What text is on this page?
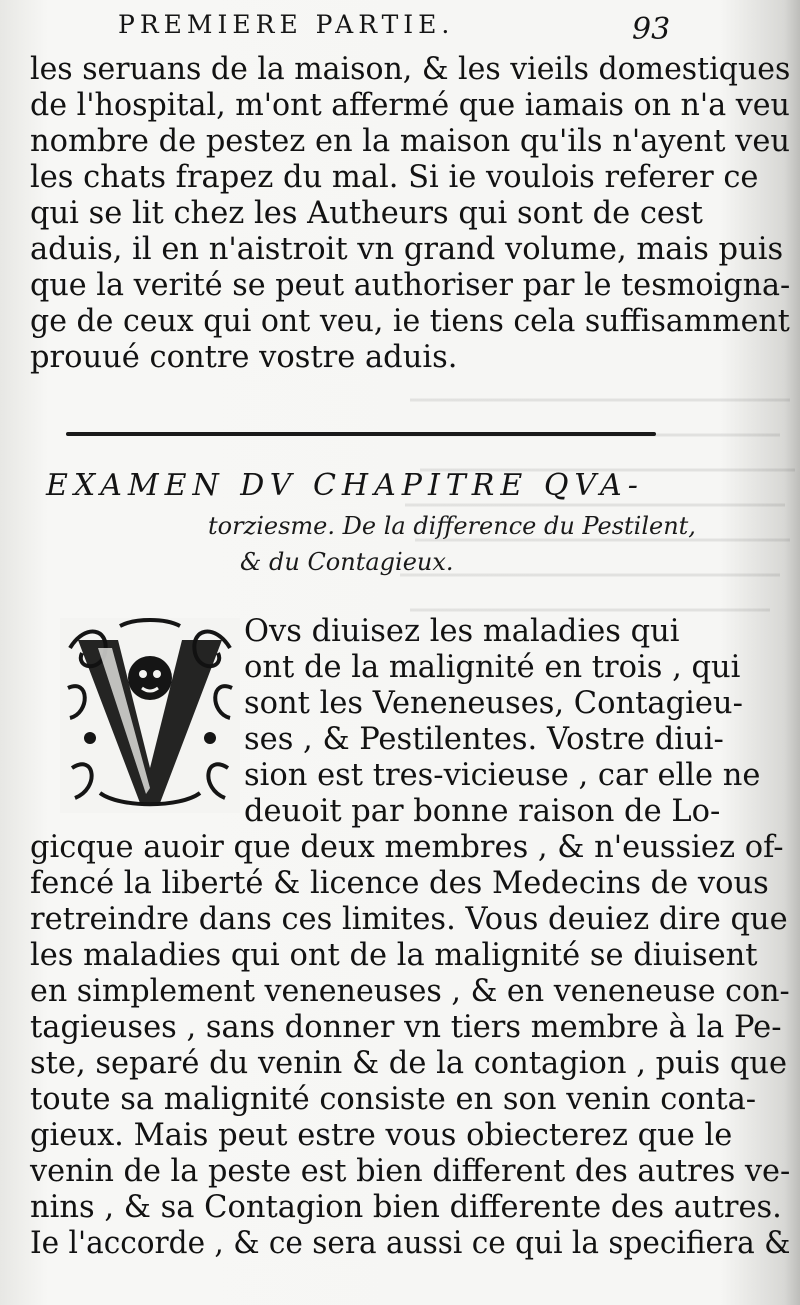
PREMIERE PARTIE.	93
les seruans de la maison, & les vieils domestiques
de l'hospital, m'ont affermé que iamais on n'a veu
nombre de pestez en la maison qu'ils n'ayent veu
les chats frapez du mal. Si ie voulois referer ce
qui se lit chez les Autheurs qui sont de cest
aduis, il en n'aistroit vn grand volume, mais puis
que la verité se peut authoriser par le tesmoigna-
ge de ceux qui ont veu, ie tiens cela suffisamment
prouué contre vostre aduis.
EXAMEN DV CHAPITRE QVA-
torziesme. De la difference du Pestilent,
& du Contagieux.
Ovs diuisez les maladies qui
ont de la malignité en trois , qui
sont les Veneneuses, Contagieu-
ses , & Pestilentes. Vostre diui-
sion est tres-vicieuse , car elle ne
deuoit par bonne raison de Lo-
gicque auoir que deux membres , & n'eussiez of-
fencé la liberté & licence des Medecins de vous
retreindre dans ces limites. Vous deuiez dire que
les maladies qui ont de la malignité se diuisent
en simplement veneneuses , & en veneneuse con-
tagieuses , sans donner vn tiers membre à la Pe-
ste, separé du venin & de la contagion , puis que
toute sa malignité consiste en son venin conta-
gieux. Mais peut estre vous obiecterez que le
venin de la peste est bien different des autres ve-
nins , & sa Contagion bien differente des autres.
Ie l'accorde , & ce sera aussi ce qui la specifiera &
